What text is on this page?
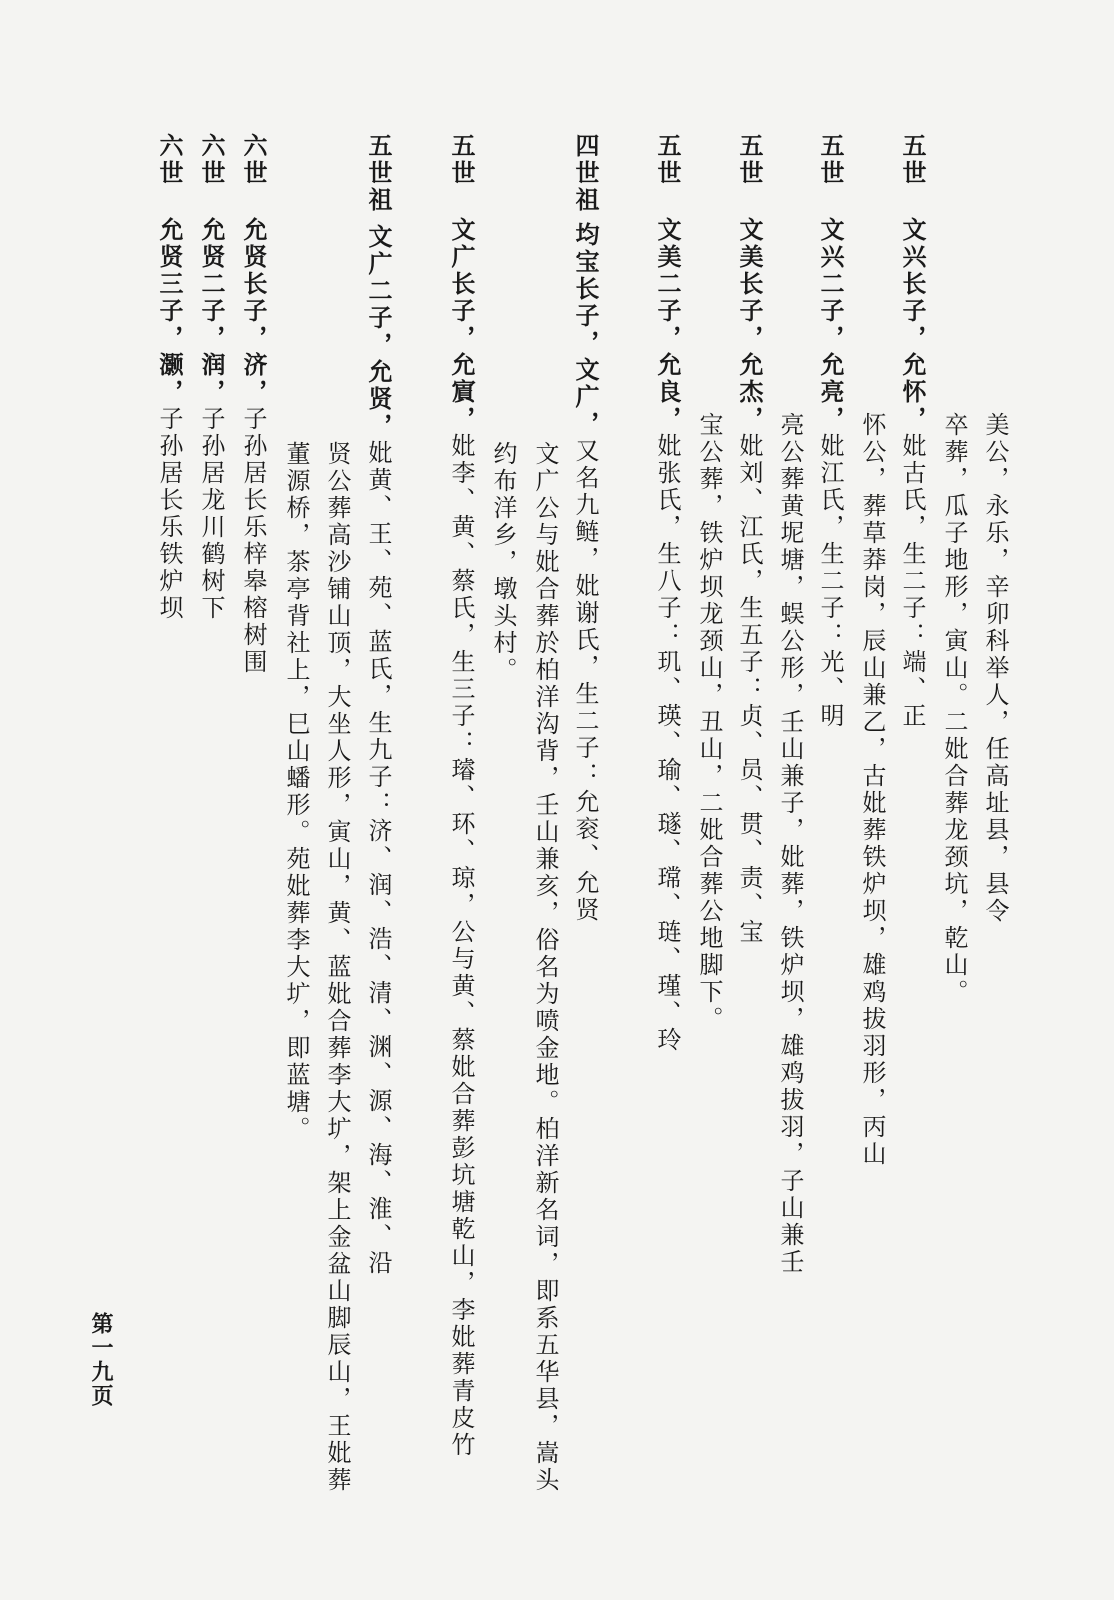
美公，永乐，辛卯科举人，任高址县，县令
卒葬，瓜子地形，寅山。二妣合葬龙颈坑，乾山。
五世文兴长子，允怀，妣古氏，生二子：端、正
怀公，葬草莽岗，辰山兼乙，古妣葬铁炉坝，雄鸡拔羽形，丙山
五世文兴二子，允亮，妣江氏，生二子：光、明
亮公葬黄坭塘，蜈公形，壬山兼子，妣葬，铁炉坝，雄鸡拔羽，子山兼壬
五世文美长子，允杰，妣刘、江氏，生五子：贞、员、贯、责、宝
宝公葬，铁炉坝龙颈山，丑山，二妣合葬公地脚下。
五世文美二子，允良，妣张氏，生八子：玑、瑛、瑜、璲、瑺、琏、瑾、玲
四世祖均宝长子，文广，又名九鲢，妣谢氏，生二子：允衮、允贤
文广公与妣合葬於柏洋沟背，壬山兼亥，俗名为喷金地。柏洋新名词，即系五华县，嵩头
约布洋乡，墩头村。
五世文广长子，允賔，妣李、黄、蔡氏，生三子：璿、环、琼，公与黄、蔡妣合葬彭坑塘乾山，李妣葬青皮竹
五世祖文广二子，允贤，妣黄、王、苑、蓝氏，生九子：济、润、浩、清、渊、源、海、淮、沿
贤公葬高沙铺山顶，大坐人形，寅山，黄、蓝妣合葬李大圹，架上金盆山脚辰山，王妣葬
董源桥，茶亭背社上，巳山蟠形。苑妣葬李大圹，即蓝塘。
六世允贤长子，济，子孙居长乐梓皋榕树围
六世允贤二子，润，子孙居龙川鹤树下
六世允贤三子，灏，子孙居长乐铁炉坝
第一九页
